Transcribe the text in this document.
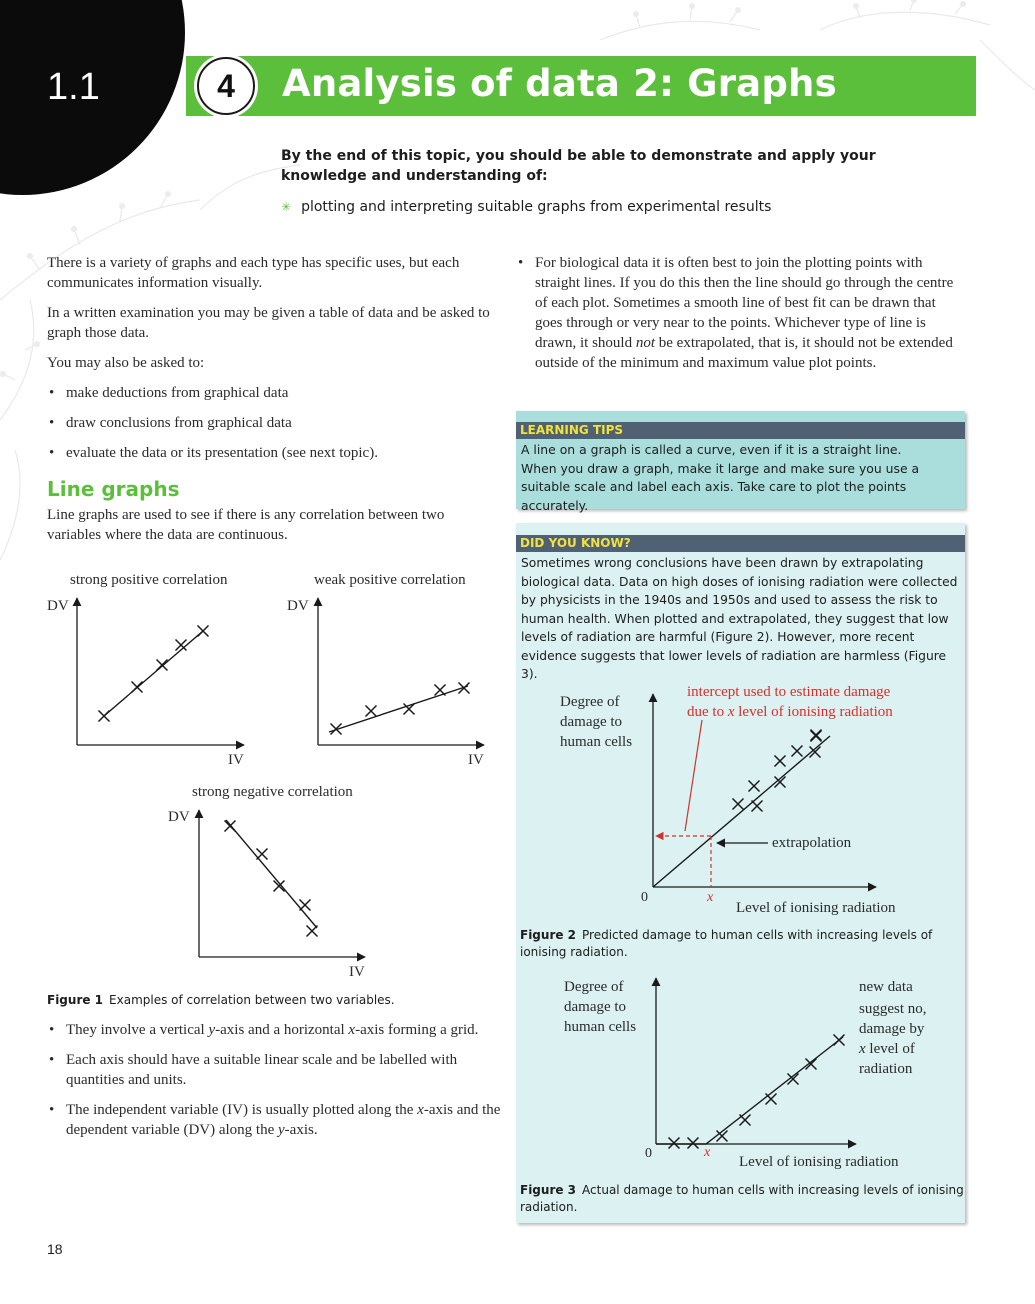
1.1	4	Analysis of data 2: Graphs
By the end of this topic, you should be able to demonstrate and apply your knowledge and understanding of:
✳ plotting and interpreting suitable graphs from experimental results

There is a variety of graphs and each type has specific uses, but each communicates information visually.

In a written examination you may be given a table of data and be asked to graph those data.

You may also be asked to:

• make deductions from graphical data
• draw conclusions from graphical data
• evaluate the data or its presentation (see next topic).
Line graphs

Line graphs are used to see if there is any correlation between two variables where the data are continuous.

strong positive correlation
DV
IV
weak positive correlation
DV
IV
strong negative correlation
DV
IV
Figure 1 Examples of correlation between two variables.
• They involve a vertical y-axis and a horizontal x-axis forming a grid.
• Each axis should have a suitable linear scale and be labelled with quantities and units.
• The independent variable (IV) is usually plotted along the x-axis and the dependent variable (DV) along the y-axis.
• For biological data it is often best to join the plotting points with straight lines. If you do this then the line should go through the centre of each plot. Sometimes a smooth line of best fit can be drawn that goes through or very near to the points. Whichever type of line is drawn, it should not be extrapolated, that is, it should not be extended outside of the minimum and maximum value plot points.
LEARNING TIPS
A line on a graph is called a curve, even if it is a straight line.
When you draw a graph, make it large and make sure you use a suitable scale and label each axis. Take care to plot the points accurately.
DID YOU KNOW?
Sometimes wrong conclusions have been drawn by extrapolating biological data. Data on high doses of ionising radiation were collected by physicists in the 1940s and 1950s and used to assess the risk to human health. When plotted and extrapolated, they suggest that low levels of radiation are harmful (Figure 2). However, more recent evidence suggests that lower levels of radiation are harmless (Figure 3).
Degree of
damage to
human cells
intercept used to estimate damage
due to x level of ionising radiation
0	x
Level of ionising radiation
extrapolation
Figure 2 Predicted damage to human cells with increasing levels of ionising radiation.
Degree of
damage to
human cells
new data
suggest no,
damage by
x level of
radiation
0	x
Level of ionising radiation
Figure 3 Actual damage to human cells with increasing levels of ionising radiation.
18
